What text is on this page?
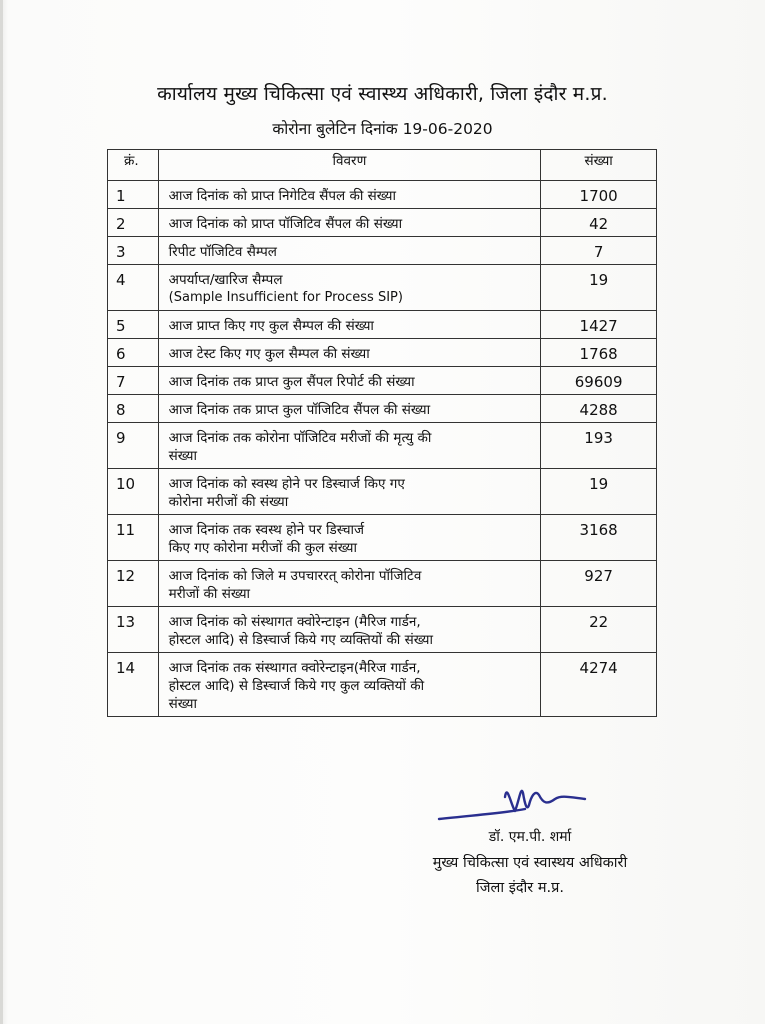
कार्यालय मुख्य चिकित्सा एवं स्वास्थ्य अधिकारी, जिला इंदौर म.प्र.
कोरोना बुलेटिन दिनांक 19-06-2020
क्रं.	विवरण	संख्या
1	आज दिनांक को प्राप्त निगेटिव सैंपल की संख्या	1700
2	आज दिनांक को प्राप्त पॉजिटिव सैंपल की संख्या	42
3	रिपीट पॉजिटिव सैम्पल	7
4	अपर्याप्त/खारिज सैम्पल
(Sample Insufficient for Process SIP)	19
5	आज प्राप्त किए गए कुल सैम्पल की संख्या	1427
6	आज टेस्ट किए गए कुल सैम्पल की संख्या	1768
7	आज दिनांक तक प्राप्त कुल सैंपल रिपोर्ट की संख्या	69609
8	आज दिनांक तक प्राप्त कुल पॉजिटिव सैंपल की संख्या	4288
9	आज दिनांक तक कोरोना पॉजिटिव मरीजों की मृत्यु की
संख्या	193
10	आज दिनांक को स्वस्थ होने पर डिस्चार्ज किए गए
कोरोना मरीजों की संख्या	19
11	आज दिनांक तक स्वस्थ होने पर डिस्चार्ज
किए गए कोरोना मरीजों की कुल संख्या	3168
12	आज दिनांक को जिले म उपचाररत् कोरोना पॉजिटिव
मरीजों की संख्या	927
13	आज दिनांक को संस्थागत क्वोरेन्टाइन (मैरिज गार्डन,
होस्टल आदि) से डिस्चार्ज किये गए व्यक्तियों की संख्या	22
14	आज दिनांक तक संस्थागत क्वोरेन्टाइन(मैरिज गार्डन,
होस्टल आदि) से डिस्चार्ज किये गए कुल व्यक्तियों की
संख्या	4274
डॉ. एम.पी. शर्मा
मुख्य चिकित्सा एवं स्वास्थय अधिकारी
जिला इंदौर म.प्र.
